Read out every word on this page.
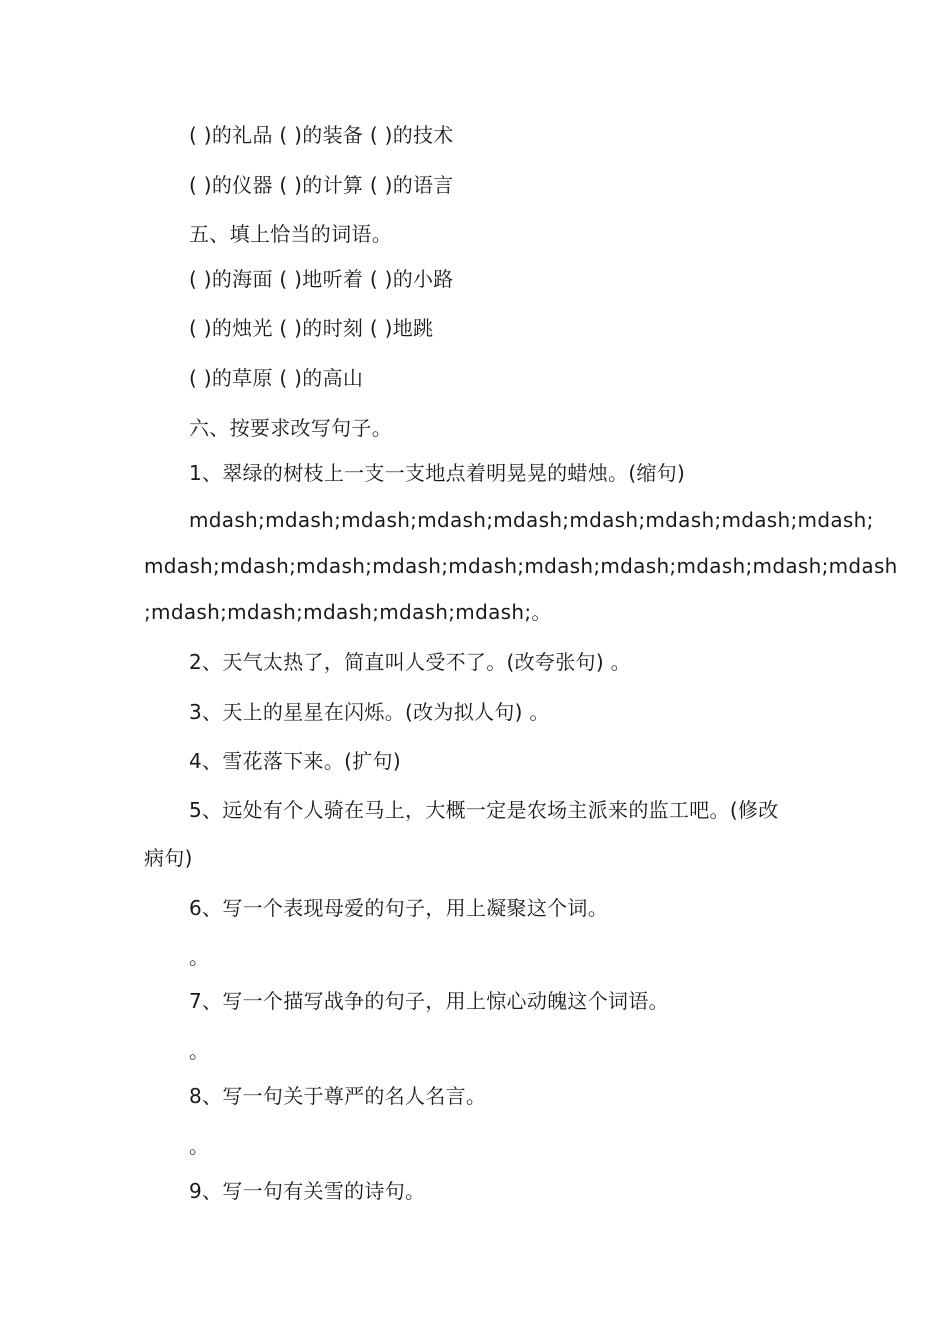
( )的礼品 ( )的装备 ( )的技术
( )的仪器 ( )的计算 ( )的语言
五、填上恰当的词语。
( )的海面 ( )地听着 ( )的小路
( )的烛光 ( )的时刻 ( )地跳
( )的草原 ( )的高山
六、按要求改写句子。
1、翠绿的树枝上一支一支地点着明晃晃的蜡烛。(缩句)
mdash;mdash;mdash;mdash;mdash;mdash;mdash;mdash;mdash;
mdash;mdash;mdash;mdash;mdash;mdash;mdash;mdash;mdash;mdash
;mdash;mdash;mdash;mdash;mdash;。
2、天气太热了，简直叫人受不了。(改夸张句) 。
3、天上的星星在闪烁。(改为拟人句) 。
4、雪花落下来。(扩句)
5、远处有个人骑在马上，大概一定是农场主派来的监工吧。(修改
病句)
6、写一个表现母爱的句子，用上凝聚这个词。
。
7、写一个描写战争的句子，用上惊心动魄这个词语。
。
8、写一句关于尊严的名人名言。
。
9、写一句有关雪的诗句。
